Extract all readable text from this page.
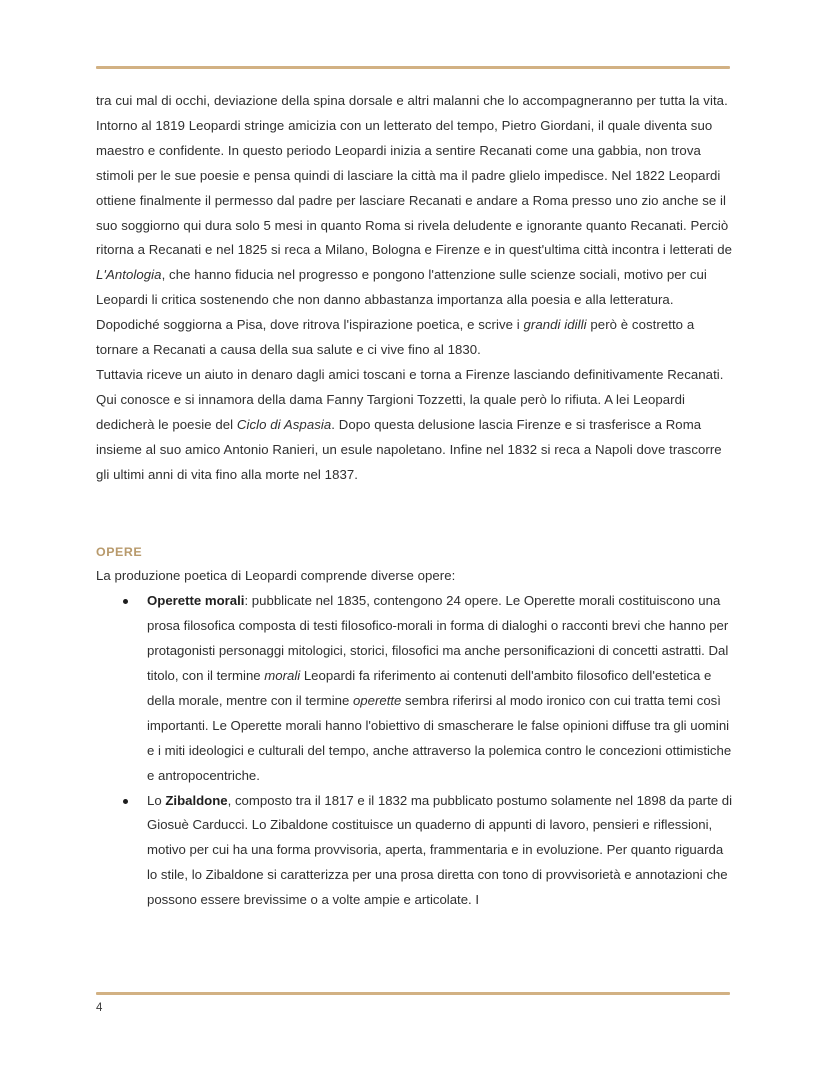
tra cui mal di occhi, deviazione della spina dorsale e altri malanni che lo accompagneranno per tutta la vita.

Intorno al 1819 Leopardi stringe amicizia con un letterato del tempo, Pietro Giordani, il quale diventa suo maestro e confidente. In questo periodo Leopardi inizia a sentire Recanati come una gabbia, non trova stimoli per le sue poesie e pensa quindi di lasciare la città ma il padre glielo impedisce. Nel 1822 Leopardi ottiene finalmente il permesso dal padre per lasciare Recanati e andare a Roma presso uno zio anche se il suo soggiorno qui dura solo 5 mesi in quanto Roma si rivela deludente e ignorante quanto Recanati. Perciò ritorna a Recanati e nel 1825 si reca a Milano, Bologna e Firenze e in quest'ultima città incontra i letterati de L'Antologia, che hanno fiducia nel progresso e pongono l'attenzione sulle scienze sociali, motivo per cui Leopardi li critica sostenendo che non danno abbastanza importanza alla poesia e alla letteratura. Dopodiché soggiorna a Pisa, dove ritrova l'ispirazione poetica, e scrive i grandi idilli però è costretto a tornare a Recanati a causa della sua salute e ci vive fino al 1830.

Tuttavia riceve un aiuto in denaro dagli amici toscani e torna a Firenze lasciando definitivamente Recanati. Qui conosce e si innamora della dama Fanny Targioni Tozzetti, la quale però lo rifiuta. A lei Leopardi dedicherà le poesie del Ciclo di Aspasia. Dopo questa delusione lascia Firenze e si trasferisce a Roma insieme al suo amico Antonio Ranieri, un esule napoletano. Infine nel 1832 si reca a Napoli dove trascorre gli ultimi anni di vita fino alla morte nel 1837.

OPERE

La produzione poetica di Leopardi comprende diverse opere:

Operette morali: pubblicate nel 1835, contengono 24 opere. Le Operette morali costituiscono una prosa filosofica composta di testi filosofico-morali in forma di dialoghi o racconti brevi che hanno per protagonisti personaggi mitologici, storici, filosofici ma anche personificazioni di concetti astratti. Dal titolo, con il termine morali Leopardi fa riferimento ai contenuti dell'ambito filosofico dell'estetica e della morale, mentre con il termine operette sembra riferirsi al modo ironico con cui tratta temi così importanti. Le Operette morali hanno l'obiettivo di smascherare le false opinioni diffuse tra gli uomini e i miti ideologici e culturali del tempo, anche attraverso la polemica contro le concezioni ottimistiche e antropocentriche.
Lo Zibaldone, composto tra il 1817 e il 1832 ma pubblicato postumo solamente nel 1898 da parte di Giosuè Carducci. Lo Zibaldone costituisce un quaderno di appunti di lavoro, pensieri e riflessioni, motivo per cui ha una forma provvisoria, aperta, frammentaria e in evoluzione. Per quanto riguarda lo stile, lo Zibaldone si caratterizza per una prosa diretta con tono di provvisorietà e annotazioni che possono essere brevissime o a volte ampie e articolate. I
4
